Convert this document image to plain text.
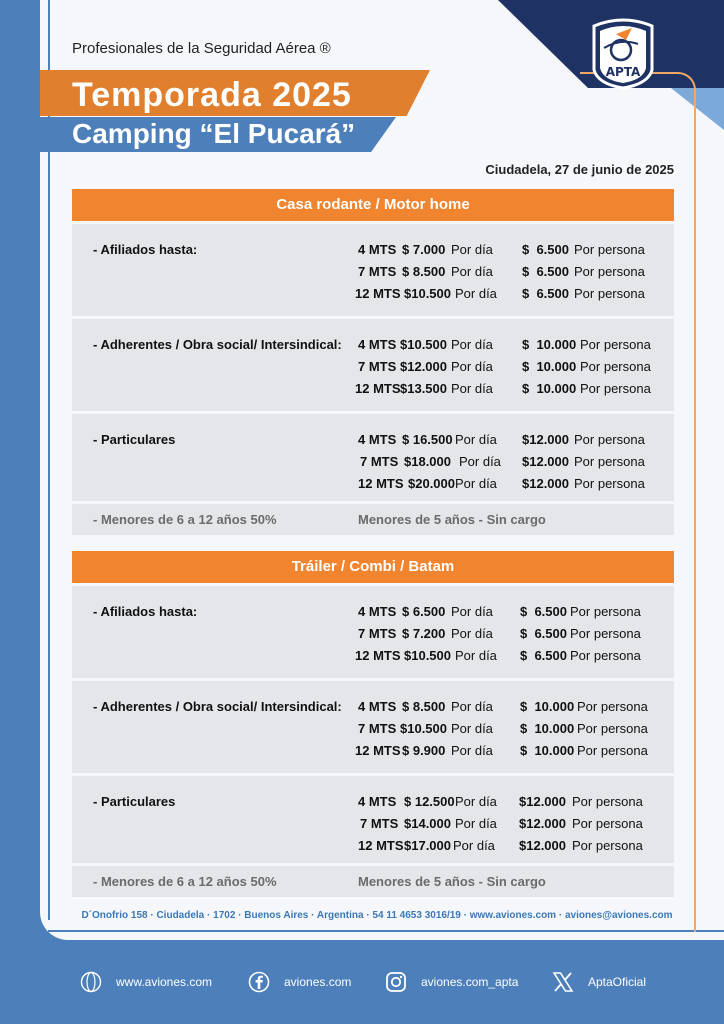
APTA
Profesionales de la Seguridad Aérea ®
Temporada 2025
Camping “El Pucará”
Ciudadela, 27 de junio de 2025
Casa rodante / Motor home
- Afiliados hasta:	4 MTS $ 7.000 Por día $  6.500 Por persona
7 MTS $ 8.500 Por día $  6.500 Por persona
12 MTS $10.500 Por día $  6.500 Por persona
- Adherentes / Obra social/ Intersindical: 4 MTS $10.500 Por día $  10.000 Por persona
7 MTS $12.000 Por día $  10.000 Por persona
12 MTS $13.500 Por día $  10.000 Por persona
- Particulares	4 MTS $ 16.500 Por día $12.000 Por persona
7 MTS $18.000 Por día $12.000 Por persona
12 MTS $20.000 Por día $12.000 Por persona
- Menores de 6 a 12 años 50%	Menores de 5 años - Sin cargo
Tráiler / Combi / Batam
- Afiliados hasta:	4 MTS $ 6.500 Por día $  6.500 Por persona
7 MTS $ 7.200 Por día $  6.500 Por persona
12 MTS $10.500 Por día $  6.500 Por persona
- Adherentes / Obra social/ Intersindical: 4 MTS $ 8.500 Por día $  10.000 Por persona
7 MTS $10.500 Por día $  10.000 Por persona
12 MTS $ 9.900 Por día $  10.000 Por persona
- Particulares	4 MTS $ 12.500 Por día $12.000 Por persona
7 MTS $14.000 Por día $12.000 Por persona
12 MTS $17.000 Por día $12.000 Por persona
- Menores de 6 a 12 años 50%	Menores de 5 años - Sin cargo
D´Onofrio 158 · Ciudadela · 1702 · Buenos Aires · Argentina · 54 11 4653 3016/19 · www.aviones.com · aviones@aviones.com
www.aviones.com	aviones.com	aviones.com_apta	AptaOficial
